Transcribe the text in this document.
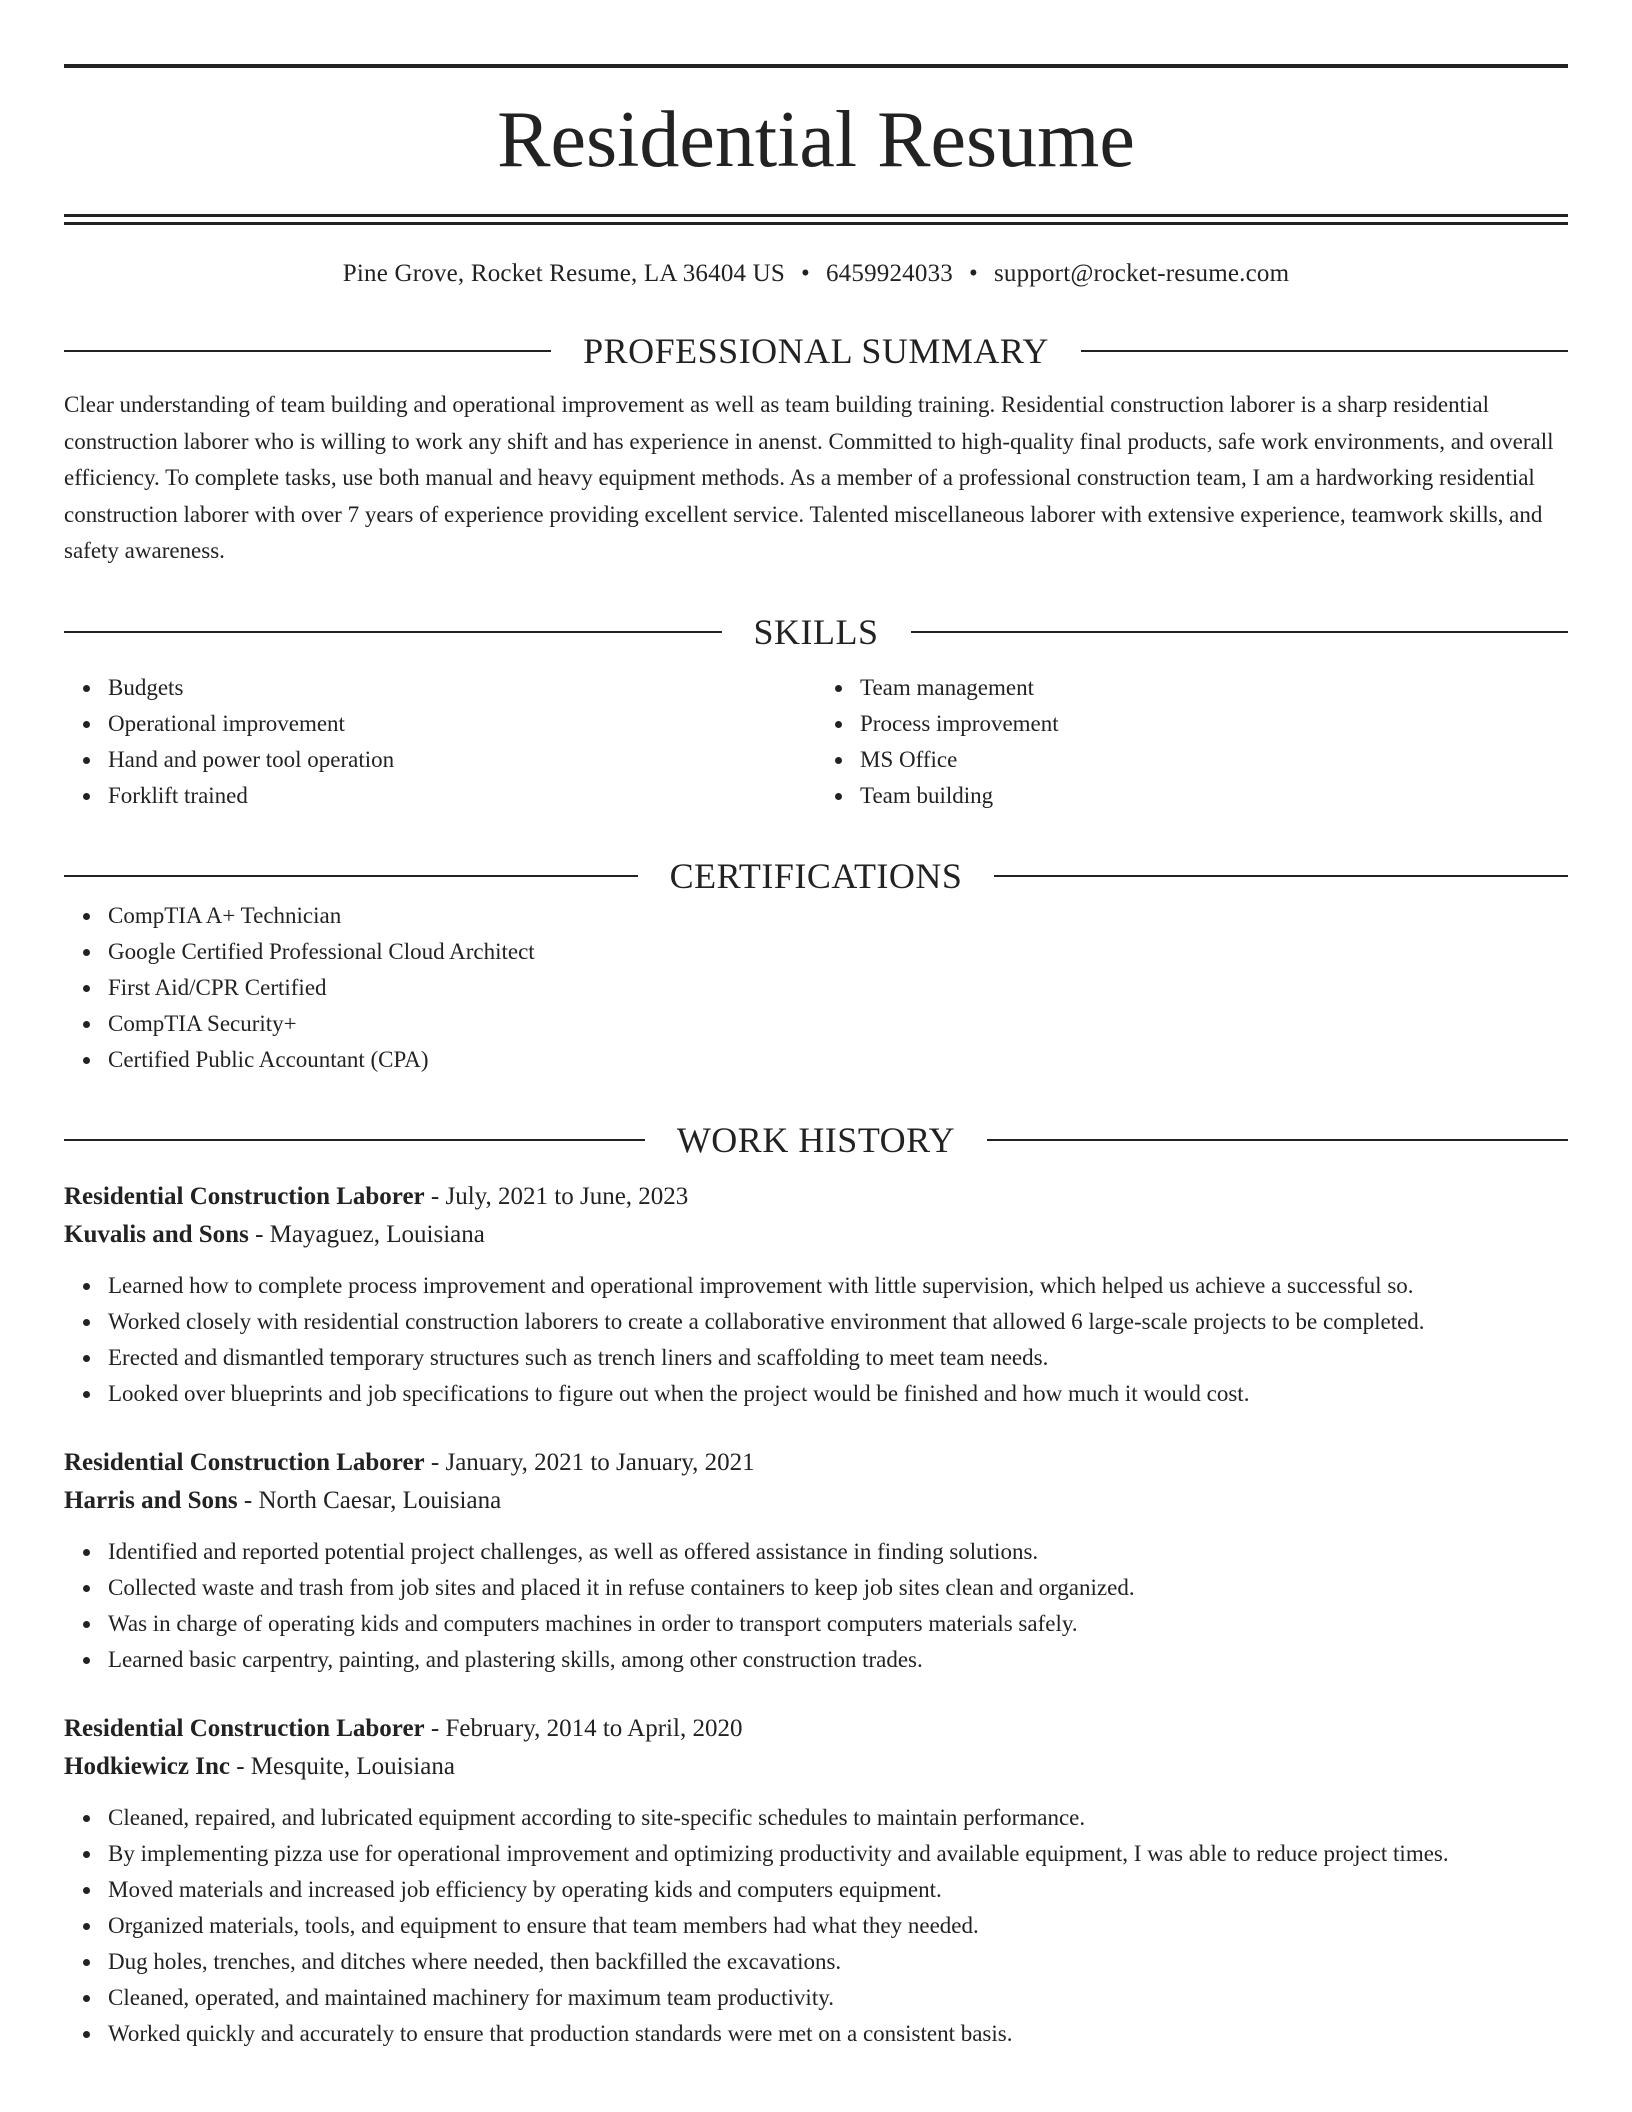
Residential Resume
Pine Grove, Rocket Resume, LA 36404 US • 6459924033 • support@rocket-resume.com
PROFESSIONAL SUMMARY

Clear understanding of team building and operational improvement as well as team building training. Residential construction laborer is a sharp residential construction laborer who is willing to work any shift and has experience in anenst. Committed to high-quality final products, safe work environments, and overall efficiency. To complete tasks, use both manual and heavy equipment methods. As a member of a professional construction team, I am a hardworking residential construction laborer with over 7 years of experience providing excellent service. Talented miscellaneous laborer with extensive experience, teamwork skills, and safety awareness.

SKILLS
Budgets
Operational improvement
Hand and power tool operation
Forklift trained
Team management
Process improvement
MS Office
Team building
CERTIFICATIONS
CompTIA A+ Technician
Google Certified Professional Cloud Architect
First Aid/CPR Certified
CompTIA Security+
Certified Public Accountant (CPA)
WORK HISTORY
Residential Construction Laborer - July, 2021 to June, 2023
Kuvalis and Sons - Mayaguez, Louisiana
Learned how to complete process improvement and operational improvement with little supervision, which helped us achieve a successful so.
Worked closely with residential construction laborers to create a collaborative environment that allowed 6 large-scale projects to be completed.
Erected and dismantled temporary structures such as trench liners and scaffolding to meet team needs.
Looked over blueprints and job specifications to figure out when the project would be finished and how much it would cost.
Residential Construction Laborer - January, 2021 to January, 2021
Harris and Sons - North Caesar, Louisiana
Identified and reported potential project challenges, as well as offered assistance in finding solutions.
Collected waste and trash from job sites and placed it in refuse containers to keep job sites clean and organized.
Was in charge of operating kids and computers machines in order to transport computers materials safely.
Learned basic carpentry, painting, and plastering skills, among other construction trades.
Residential Construction Laborer - February, 2014 to April, 2020
Hodkiewicz Inc - Mesquite, Louisiana
Cleaned, repaired, and lubricated equipment according to site-specific schedules to maintain performance.
By implementing pizza use for operational improvement and optimizing productivity and available equipment, I was able to reduce project times.
Moved materials and increased job efficiency by operating kids and computers equipment.
Organized materials, tools, and equipment to ensure that team members had what they needed.
Dug holes, trenches, and ditches where needed, then backfilled the excavations.
Cleaned, operated, and maintained machinery for maximum team productivity.
Worked quickly and accurately to ensure that production standards were met on a consistent basis.
